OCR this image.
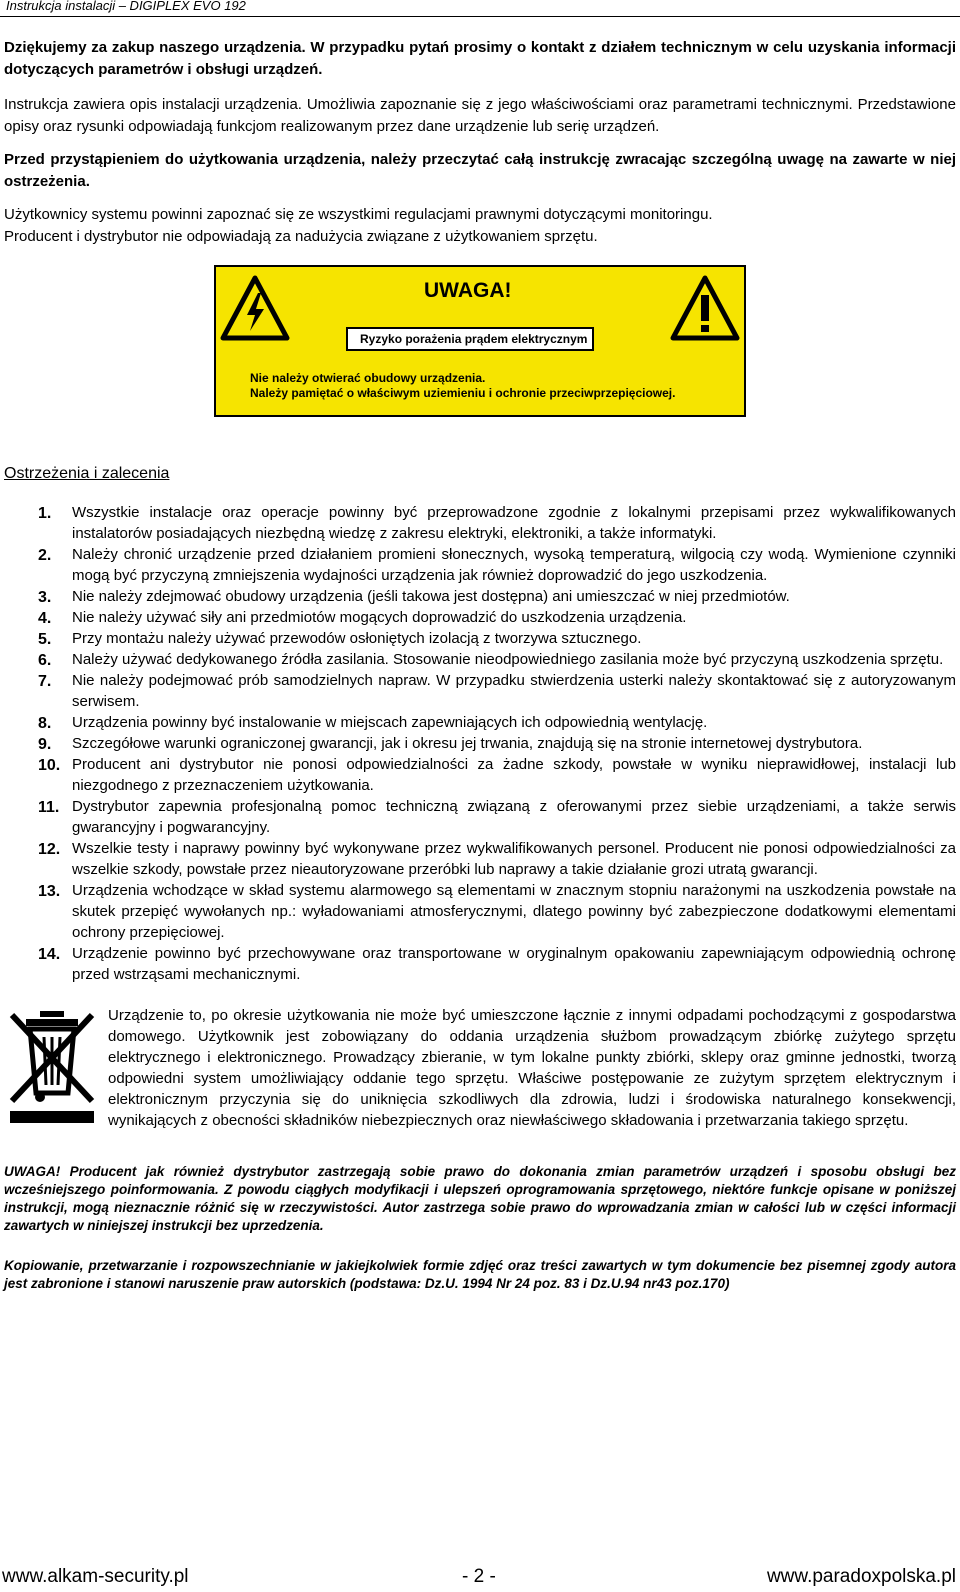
Instrukcja instalacji – DIGIPLEX EVO 192

Dziękujemy za zakup naszego urządzenia. W przypadku pytań prosimy o kontakt z działem technicznym w celu uzyskania informacji dotyczących parametrów i obsługi urządzeń.

Instrukcja zawiera opis instalacji urządzenia. Umożliwia zapoznanie się z jego właściwościami oraz parametrami technicznymi. Przedstawione opisy oraz rysunki odpowiadają funkcjom realizowanym przez dane urządzenie lub serię urządzeń.

Przed przystąpieniem do użytkowania urządzenia, należy przeczytać całą instrukcję zwracając szczególną uwagę na zawarte w niej ostrzeżenia.

Użytkownicy systemu powinni zapoznać się ze wszystkimi regulacjami prawnymi dotyczącymi monitoringu.

Producent i dystrybutor nie odpowiadają za nadużycia związane z użytkowaniem sprzętu.

UWAGA!
Ryzyko porażenia prądem elektrycznym
Nie należy otwierać obudowy urządzenia.
Należy pamiętać o właściwym uziemieniu i ochronie przeciwprzepięciowej.
Ostrzeżenia i zalecenia
1. Wszystkie instalacje oraz operacje powinny być przeprowadzone zgodnie z lokalnymi przepisami przez wykwalifikowanych instalatorów posiadających niezbędną wiedzę z zakresu elektryki, elektroniki, a także informatyki.
2. Należy chronić urządzenie przed działaniem promieni słonecznych, wysoką temperaturą, wilgocią czy wodą. Wymienione czynniki mogą być przyczyną zmniejszenia wydajności urządzenia jak również doprowadzić do jego uszkodzenia.
3. Nie należy zdejmować obudowy urządzenia (jeśli takowa jest dostępna) ani umieszczać w niej przedmiotów.
4. Nie należy używać siły ani przedmiotów mogących doprowadzić do uszkodzenia urządzenia.
5. Przy montażu należy używać przewodów osłoniętych izolacją z tworzywa sztucznego.
6. Należy używać dedykowanego źródła zasilania. Stosowanie nieodpowiedniego zasilania może być przyczyną uszkodzenia sprzętu.
7. Nie należy podejmować prób samodzielnych napraw. W przypadku stwierdzenia usterki należy skontaktować się z autoryzowanym serwisem.
8. Urządzenia powinny być instalowanie w miejscach zapewniających ich odpowiednią wentylację.
9. Szczegółowe warunki ograniczonej gwarancji, jak i okresu jej trwania, znajdują się na stronie internetowej dystrybutora.
10. Producent ani dystrybutor nie ponosi odpowiedzialności za żadne szkody, powstałe w wyniku nieprawidłowej, instalacji lub niezgodnego z przeznaczeniem użytkowania.
11. Dystrybutor zapewnia profesjonalną pomoc techniczną związaną z oferowanymi przez siebie urządzeniami, a także serwis gwarancyjny i pogwarancyjny.
12. Wszelkie testy i naprawy powinny być wykonywane przez wykwalifikowanych personel. Producent nie ponosi odpowiedzialności za wszelkie szkody, powstałe przez nieautoryzowane przeróbki lub naprawy a takie działanie grozi utratą gwarancji.
13. Urządzenia wchodzące w skład systemu alarmowego są elementami w znacznym stopniu narażonymi na uszkodzenia powstałe na skutek przepięć wywołanych np.: wyładowaniami atmosferycznymi, dlatego powinny być zabezpieczone dodatkowymi elementami ochrony przepięciowej.
14. Urządzenie powinno być przechowywane oraz transportowane w oryginalnym opakowaniu zapewniającym odpowiednią ochronę przed wstrząsami mechanicznymi.

Urządzenie to, po okresie użytkowania nie może być umieszczone łącznie z innymi odpadami pochodzącymi z gospodarstwa domowego. Użytkownik jest zobowiązany do oddania urządzenia służbom prowadzącym zbiórkę zużytego sprzętu elektrycznego i elektronicznego. Prowadzący zbieranie, w tym lokalne punkty zbiórki, sklepy oraz gminne jednostki, tworzą odpowiedni system umożliwiający oddanie tego sprzętu. Właściwe postępowanie ze zużytym sprzętem elektrycznym i elektronicznym przyczynia się do uniknięcia szkodliwych dla zdrowia, ludzi i środowiska naturalnego konsekwencji, wynikających z obecności składników niebezpiecznych oraz niewłaściwego składowania i przetwarzania takiego sprzętu.

UWAGA! Producent jak również dystrybutor zastrzegają sobie prawo do dokonania zmian parametrów urządzeń i sposobu obsługi bez wcześniejszego poinformowania. Z powodu ciągłych modyfikacji i ulepszeń oprogramowania sprzętowego, niektóre funkcje opisane w poniższej instrukcji, mogą nieznacznie różnić się w rzeczywistości. Autor zastrzega sobie prawo do wprowadzania zmian w całości lub w części informacji zawartych w niniejszej instrukcji bez uprzedzenia.

Kopiowanie, przetwarzanie i rozpowszechnianie w jakiejkolwiek formie zdjęć oraz treści zawartych w tym dokumencie bez pisemnej zgody autora jest zabronione i stanowi naruszenie praw autorskich (podstawa: Dz.U. 1994 Nr 24 poz. 83 i Dz.U.94 nr43 poz.170)

www.alkam-security.pl	- 2 -	www.paradoxpolska.pl
